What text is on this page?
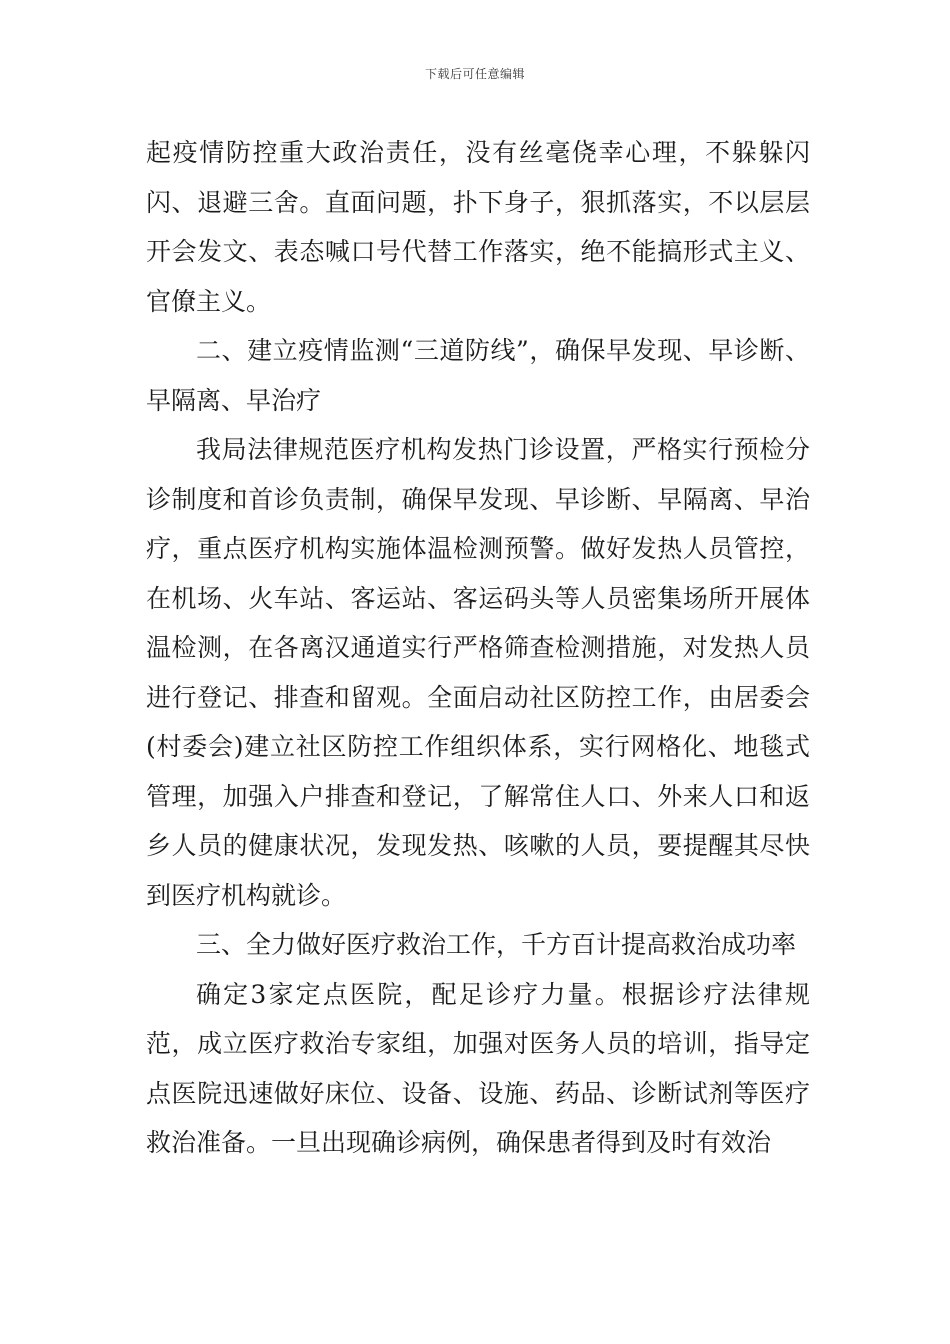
下载后可任意编辑

起疫情防控重大政治责任，没有丝毫侥幸心理，不躲躲闪闪、退避三舍。直面问题，扑下身子，狠抓落实，不以层层开会发文、表态喊口号代替工作落实，绝不能搞形式主义、官僚主义。

二、建立疫情监测“三道防线”，确保早发现、早诊断、早隔离、早治疗

我局法律规范医疗机构发热门诊设置，严格实行预检分诊制度和首诊负责制，确保早发现、早诊断、早隔离、早治疗，重点医疗机构实施体温检测预警。做好发热人员管控，在机场、火车站、客运站、客运码头等人员密集场所开展体温检测，在各离汉通道实行严格筛查检测措施，对发热人员进行登记、排查和留观。全面启动社区防控工作，由居委会(村委会)建立社区防控工作组织体系，实行网格化、地毯式管理，加强入户排查和登记，了解常住人口、外来人口和返乡人员的健康状况，发现发热、咳嗽的人员，要提醒其尽快到医疗机构就诊。

三、全力做好医疗救治工作，千方百计提高救治成功率

确定3家定点医院，配足诊疗力量。根据诊疗法律规范，成立医疗救治专家组，加强对医务人员的培训，指导定点医院迅速做好床位、设备、设施、药品、诊断试剂等医疗救治准备。一旦出现确诊病例，确保患者得到及时有效治
